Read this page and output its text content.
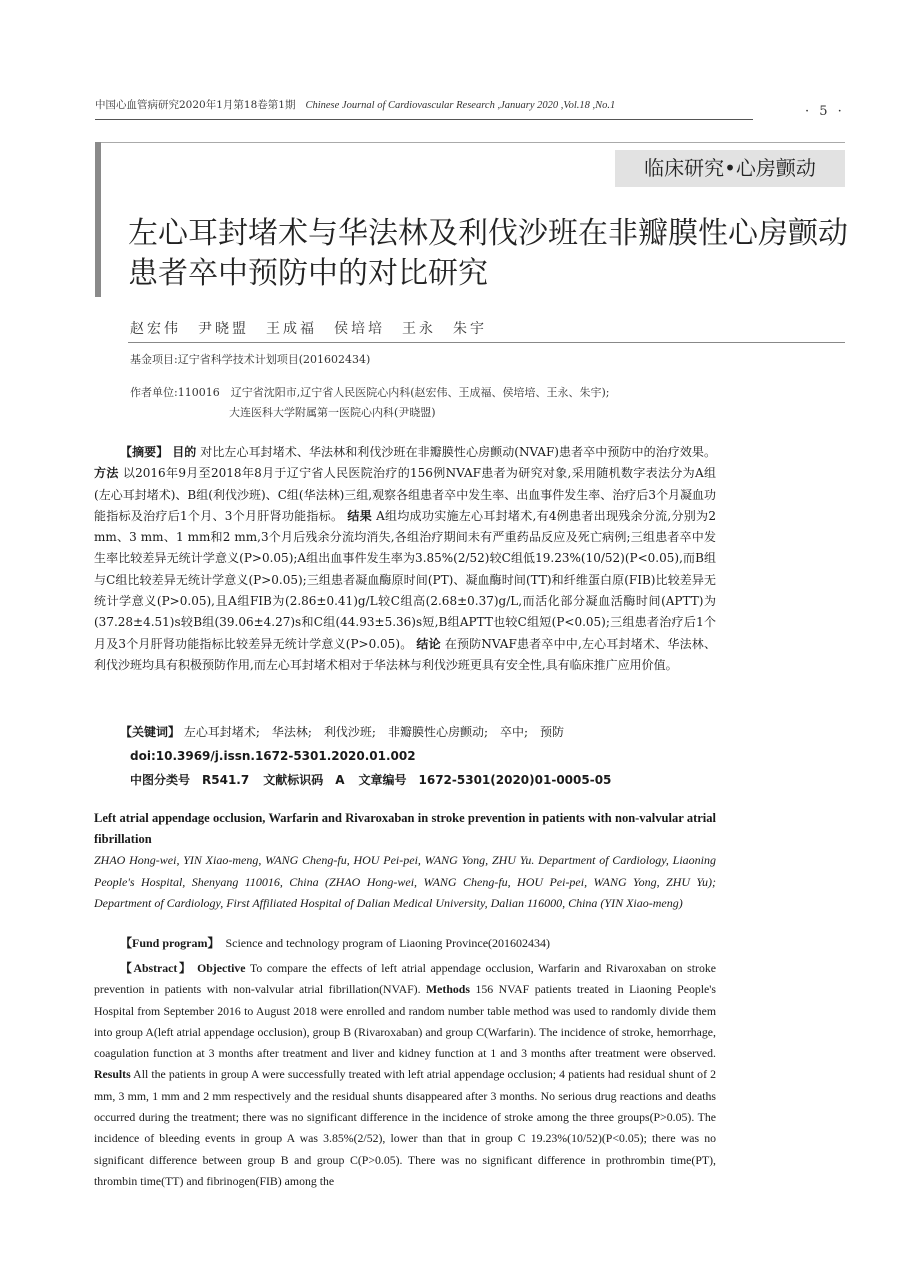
中国心血管病研究2020年1月第18卷第1期 Chinese Journal of Cardiovascular Research ,January 2020 ,Vol.18 ,No.1	· 5 ·
临床研究•心房颤动
左心耳封堵术与华法林及利伐沙班在非瓣膜性心房颤动患者卒中预防中的对比研究
赵宏伟　尹晓盟　王成福　侯培培　王永　朱宇
基金项目:辽宁省科学技术计划项目(201602434)
作者单位:110016　辽宁省沈阳市,辽宁省人民医院心内科(赵宏伟、王成福、侯培培、王永、朱宇);
大连医科大学附属第一医院心内科(尹晓盟)
【摘要】 目的 对比左心耳封堵术、华法林和利伐沙班在非瓣膜性心房颤动(NVAF)患者卒中预防中的治疗效果。 方法 以2016年9月至2018年8月于辽宁省人民医院治疗的156例NVAF患者为研究对象,采用随机数字表法分为A组(左心耳封堵术)、B组(利伐沙班)、C组(华法林)三组,观察各组患者卒中发生率、出血事件发生率、治疗后3个月凝血功能指标及治疗后1个月、3个月肝肾功能指标。 结果 A组均成功实施左心耳封堵术,有4例患者出现残余分流,分别为2 mm、3 mm、1 mm和2 mm,3个月后残余分流均消失,各组治疗期间未有严重药品反应及死亡病例;三组患者卒中发生率比较差异无统计学意义(P>0.05);A组出血事件发生率为3.85%(2/52)较C组低19.23%(10/52)(P<0.05),而B组与C组比较差异无统计学意义(P>0.05);三组患者凝血酶原时间(PT)、凝血酶时间(TT)和纤维蛋白原(FIB)比较差异无统计学意义(P>0.05),且A组FIB为(2.86±0.41)g/L较C组高(2.68±0.37)g/L,而活化部分凝血活酶时间(APTT)为(37.28±4.51)s较B组(39.06±4.27)s和C组(44.93±5.36)s短,B组APTT也较C组短(P<0.05);三组患者治疗后1个月及3个月肝肾功能指标比较差异无统计学意义(P>0.05)。 结论 在预防NVAF患者卒中中,左心耳封堵术、华法林、利伐沙班均具有积极预防作用,而左心耳封堵术相对于华法林与利伐沙班更具有安全性,具有临床推广应用价值。
【关键词】 左心耳封堵术;　华法林;　利伐沙班;　非瓣膜性心房颤动;　卒中;　预防
doi:10.3969/j.issn.1672-5301.2020.01.002
中图分类号　R541.7 文献标识码　A 文章编号　1672-5301(2020)01-0005-05
Left atrial appendage occlusion, Warfarin and Rivaroxaban in stroke prevention in patients with non-valvular atrial fibrillation
ZHAO Hong-wei, YIN Xiao-meng, WANG Cheng-fu, HOU Pei-pei, WANG Yong, ZHU Yu. Department of Cardiology, Liaoning People's Hospital, Shenyang 110016, China (ZHAO Hong-wei, WANG Cheng-fu, HOU Pei-pei, WANG Yong, ZHU Yu); Department of Cardiology, First Affiliated Hospital of Dalian Medical University, Dalian 116000, China (YIN Xiao-meng)
【Fund program】 Science and technology program of Liaoning Province(201602434)
【Abstract】 Objective To compare the effects of left atrial appendage occlusion, Warfarin and Rivaroxaban on stroke prevention in patients with non-valvular atrial fibrillation(NVAF). Methods 156 NVAF patients treated in Liaoning People's Hospital from September 2016 to August 2018 were enrolled and random number table method was used to randomly divide them into group A(left atrial appendage occlusion), group B (Rivaroxaban) and group C(Warfarin). The incidence of stroke, hemorrhage, coagulation function at 3 months after treatment and liver and kidney function at 1 and 3 months after treatment were observed. Results All the patients in group A were successfully treated with left atrial appendage occlusion; 4 patients had residual shunt of 2 mm, 3 mm, 1 mm and 2 mm respectively and the residual shunts disappeared after 3 months. No serious drug reactions and deaths occurred during the treatment; there was no significant difference in the incidence of stroke among the three groups(P>0.05). The incidence of bleeding events in group A was 3.85%(2/52), lower than that in group C 19.23%(10/52)(P<0.05); there was no significant difference between group B and group C(P>0.05). There was no significant difference in prothrombin time(PT), thrombin time(TT) and fibrinogen(FIB) among the
